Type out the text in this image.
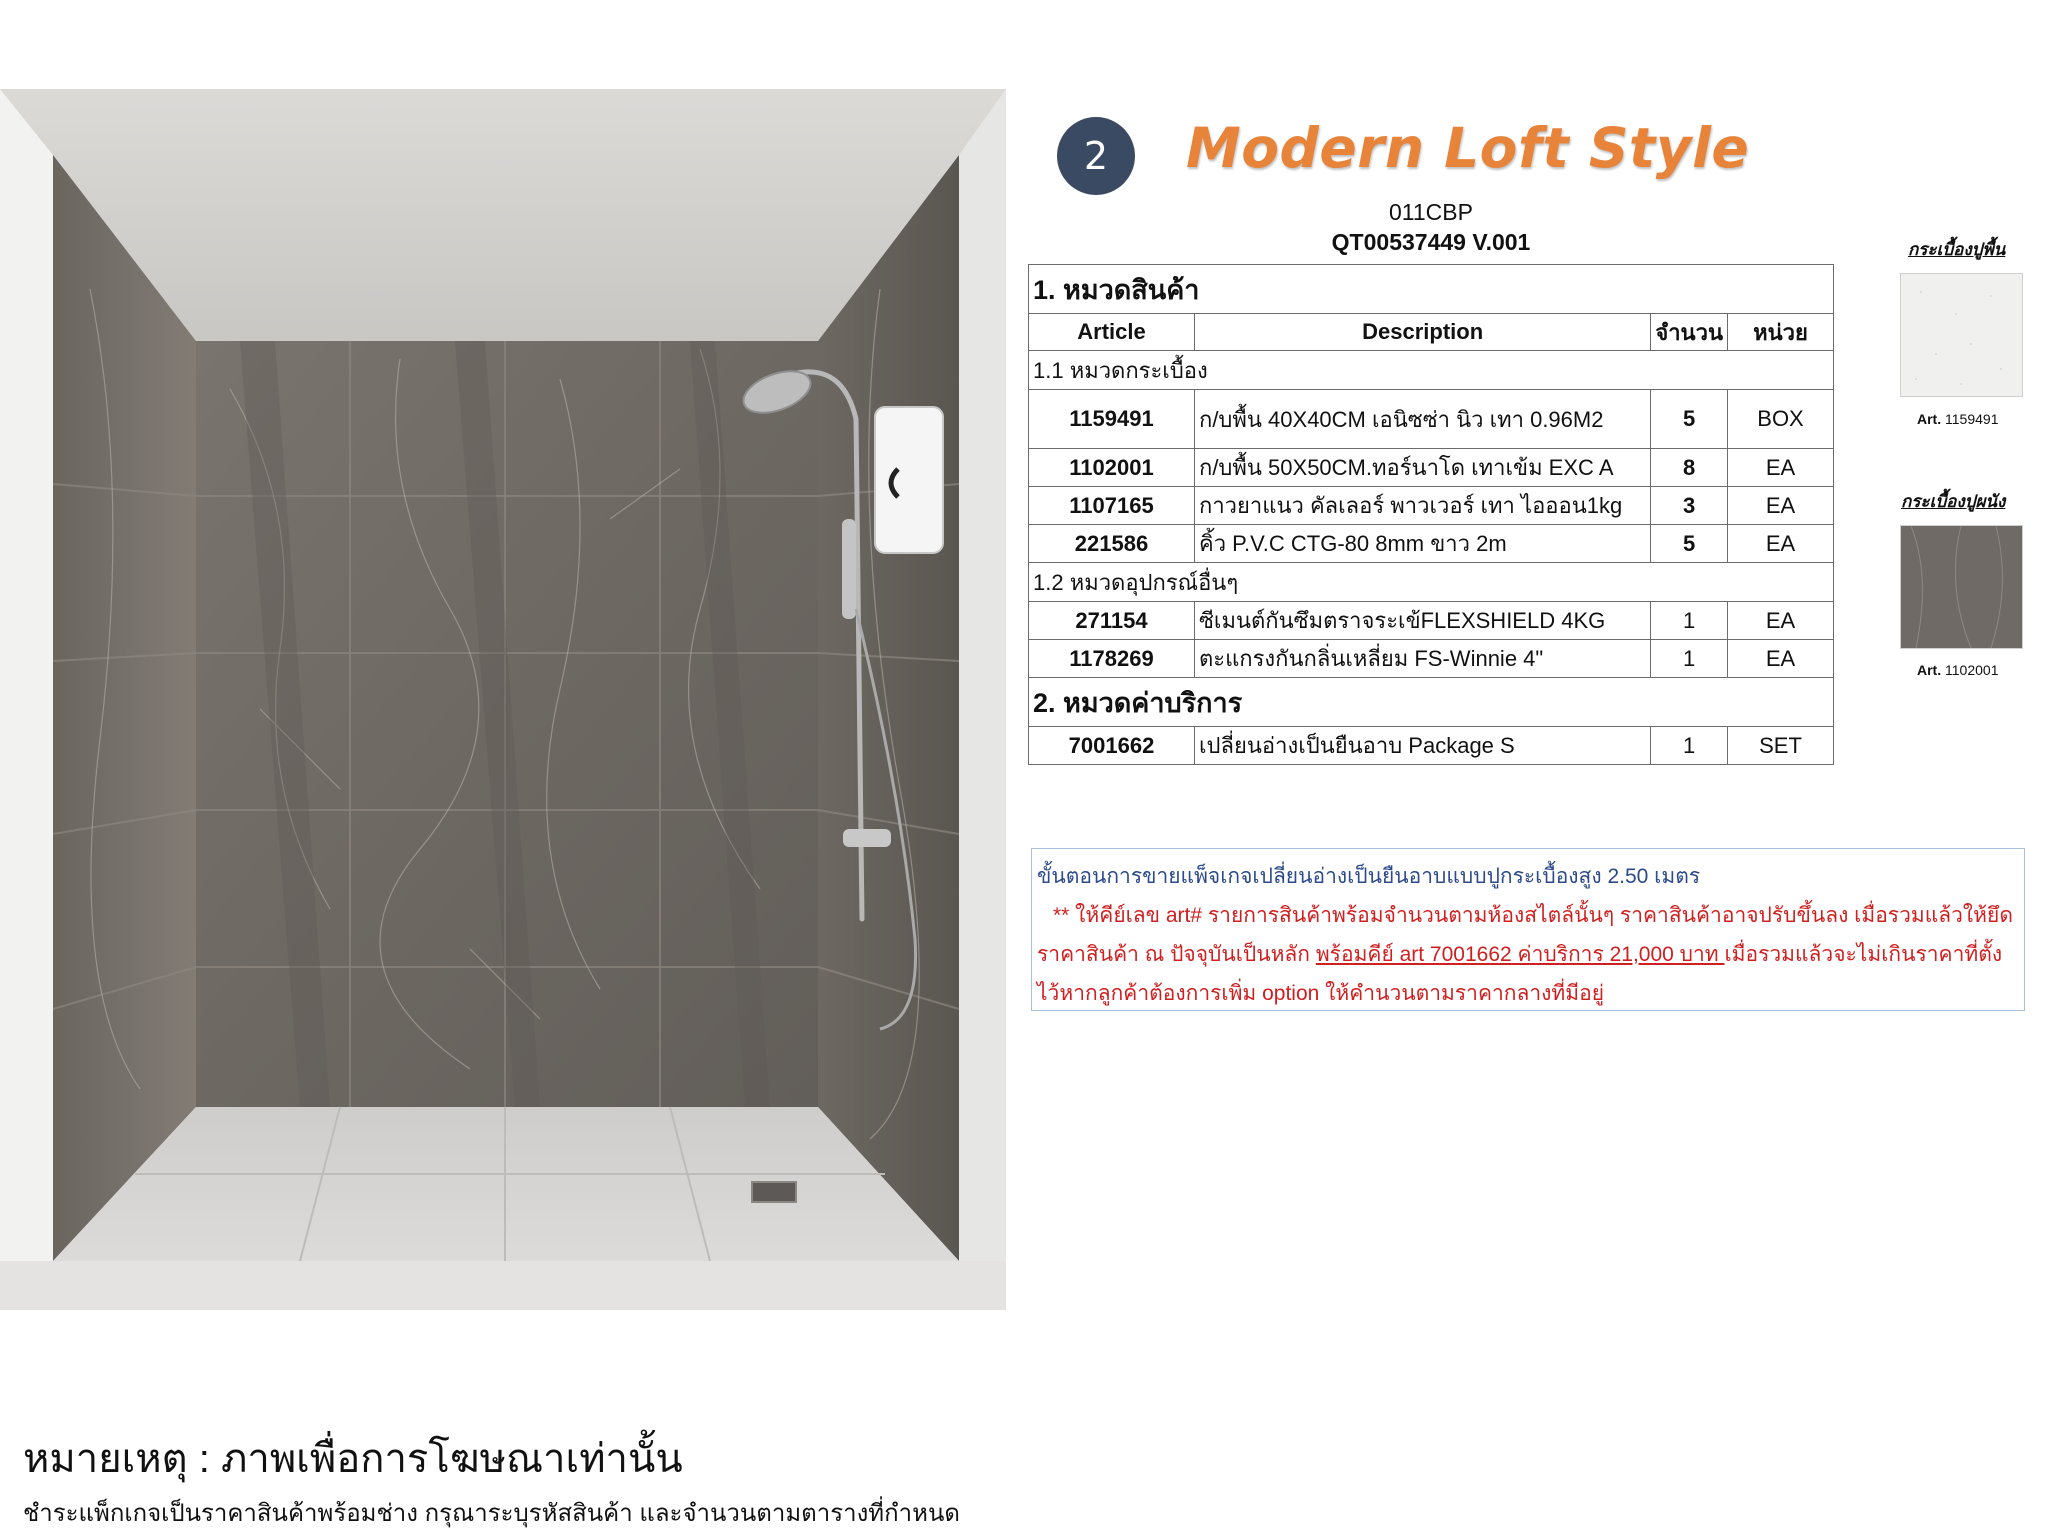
2	Modern Loft Style
011CBP
QT00537449 V.001
1. หมวดสินค้า			
Article	Description	จำนวน	หน่วย
1.1 หมวดกระเบื้อง			
1159491	ก/บพื้น 40X40CM เอนิซซ่า นิว เทา 0.96M2	5	BOX
1102001	ก/บพื้น 50X50CM.ทอร์นาโด เทาเข้ม EXC A	8	EA
1107165	กาวยาแนว คัลเลอร์ พาวเวอร์ เทา ไอออน1kg	3	EA
221586	คิ้ว P.V.C CTG-80 8mm ขาว 2m	5	EA
1.2 หมวดอุปกรณ์อื่นๆ			
271154	ซีเมนต์กันซึมตราจระเข้FLEXSHIELD 4KG	1	EA
1178269	ตะแกรงกันกลิ่นเหลี่ยม FS-Winnie 4"	1	EA
2. หมวดค่าบริการ			
7001662	เปลี่ยนอ่างเป็นยืนอาบ Package S	1	SET
กระเบื้องปูพื้น
Art. 1159491
กระเบื้องปูผนัง
Art. 1102001
ขั้นตอนการขายแพ็จเกจเปลี่ยนอ่างเป็นยืนอาบแบบปูกระเบื้องสูง 2.50 เมตร
** ให้คีย์เลข art# รายการสินค้าพร้อมจำนวนตามห้องสไตล์นั้นๆ ราคาสินค้าอาจปรับขึ้นลง เมื่อรวมแล้วให้ยึด
ราคาสินค้า ณ ปัจจุบันเป็นหลัก พร้อมคีย์ art 7001662 ค่าบริการ 21,000 บาท เมื่อรวมแล้วจะไม่เกินราคาที่ตั้ง
ไว้หากลูกค้าต้องการเพิ่ม option ให้คำนวนตามราคากลางที่มีอยู่
หมายเหตุ : ภาพเพื่อการโฆษณาเท่านั้น
ชำระแพ็กเกจเป็นราคาสินค้าพร้อมช่าง กรุณาระบุรหัสสินค้า และจำนวนตามตารางที่กำหนด
